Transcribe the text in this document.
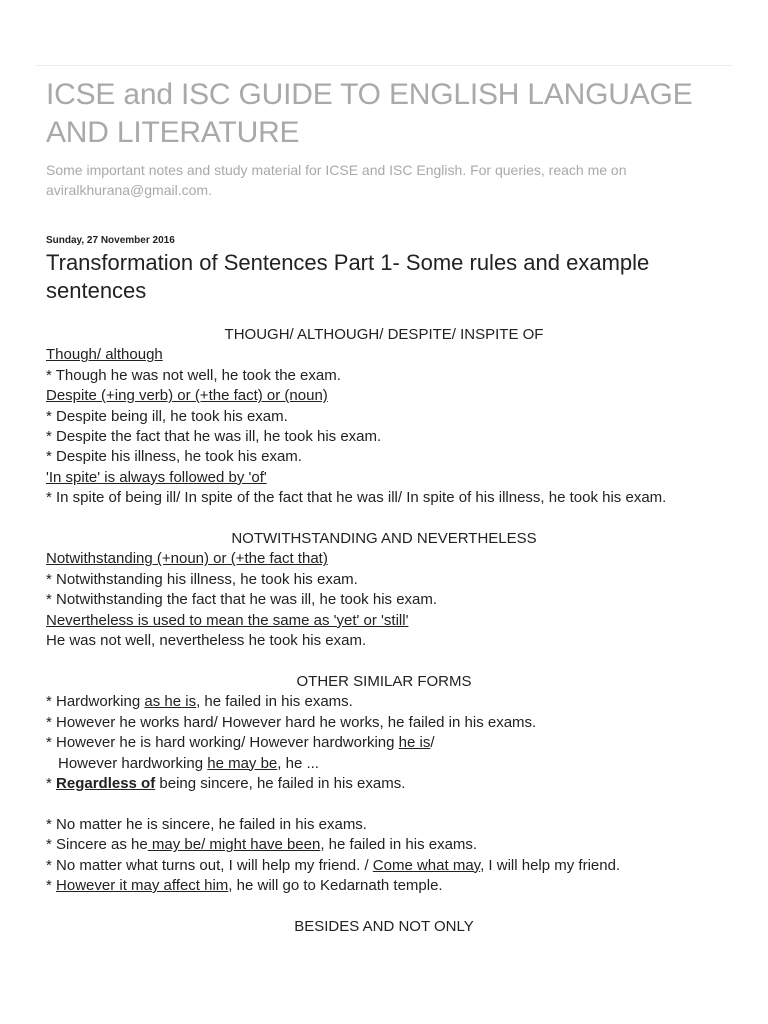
ICSE and ISC GUIDE TO ENGLISH LANGUAGE AND LITERATURE
Some important notes and study material for ICSE and ISC English. For queries, reach me on aviralkhurana@gmail.com.
Sunday, 27 November 2016
Transformation of Sentences Part 1- Some rules and example sentences
THOUGH/ ALTHOUGH/ DESPITE/ INSPITE OF
Though/ although
* Though he was not well, he took the exam.
Despite (+ing verb) or (+the fact) or (noun)
* Despite being ill, he took his exam.
* Despite the fact that he was ill, he took his exam.
* Despite his illness, he took his exam.
'In spite' is always followed by 'of'
* In spite of being ill/ In spite of the fact that he was ill/ In spite of his illness, he took his exam.
NOTWITHSTANDING AND NEVERTHELESS
Notwithstanding (+noun) or (+the fact that)
* Notwithstanding his illness, he took his exam.
* Notwithstanding the fact that he was ill, he took his exam.
Nevertheless is used to mean the same as 'yet' or 'still'
He was not well, nevertheless he took his exam.
OTHER SIMILAR FORMS
* Hardworking as he is, he failed in his exams.
* However he works hard/ However hard he works, he failed in his exams.
* However he is hard working/ However hardworking he is/
However hardworking he may be, he ...
* Regardless of being sincere, he failed in his exams.
* No matter he is sincere, he failed in his exams.
* Sincere as he may be/ might have been, he failed in his exams.
* No matter what turns out, I will help my friend. / Come what may, I will help my friend.
* However it may affect him, he will go to Kedarnath temple.
BESIDES AND NOT ONLY
